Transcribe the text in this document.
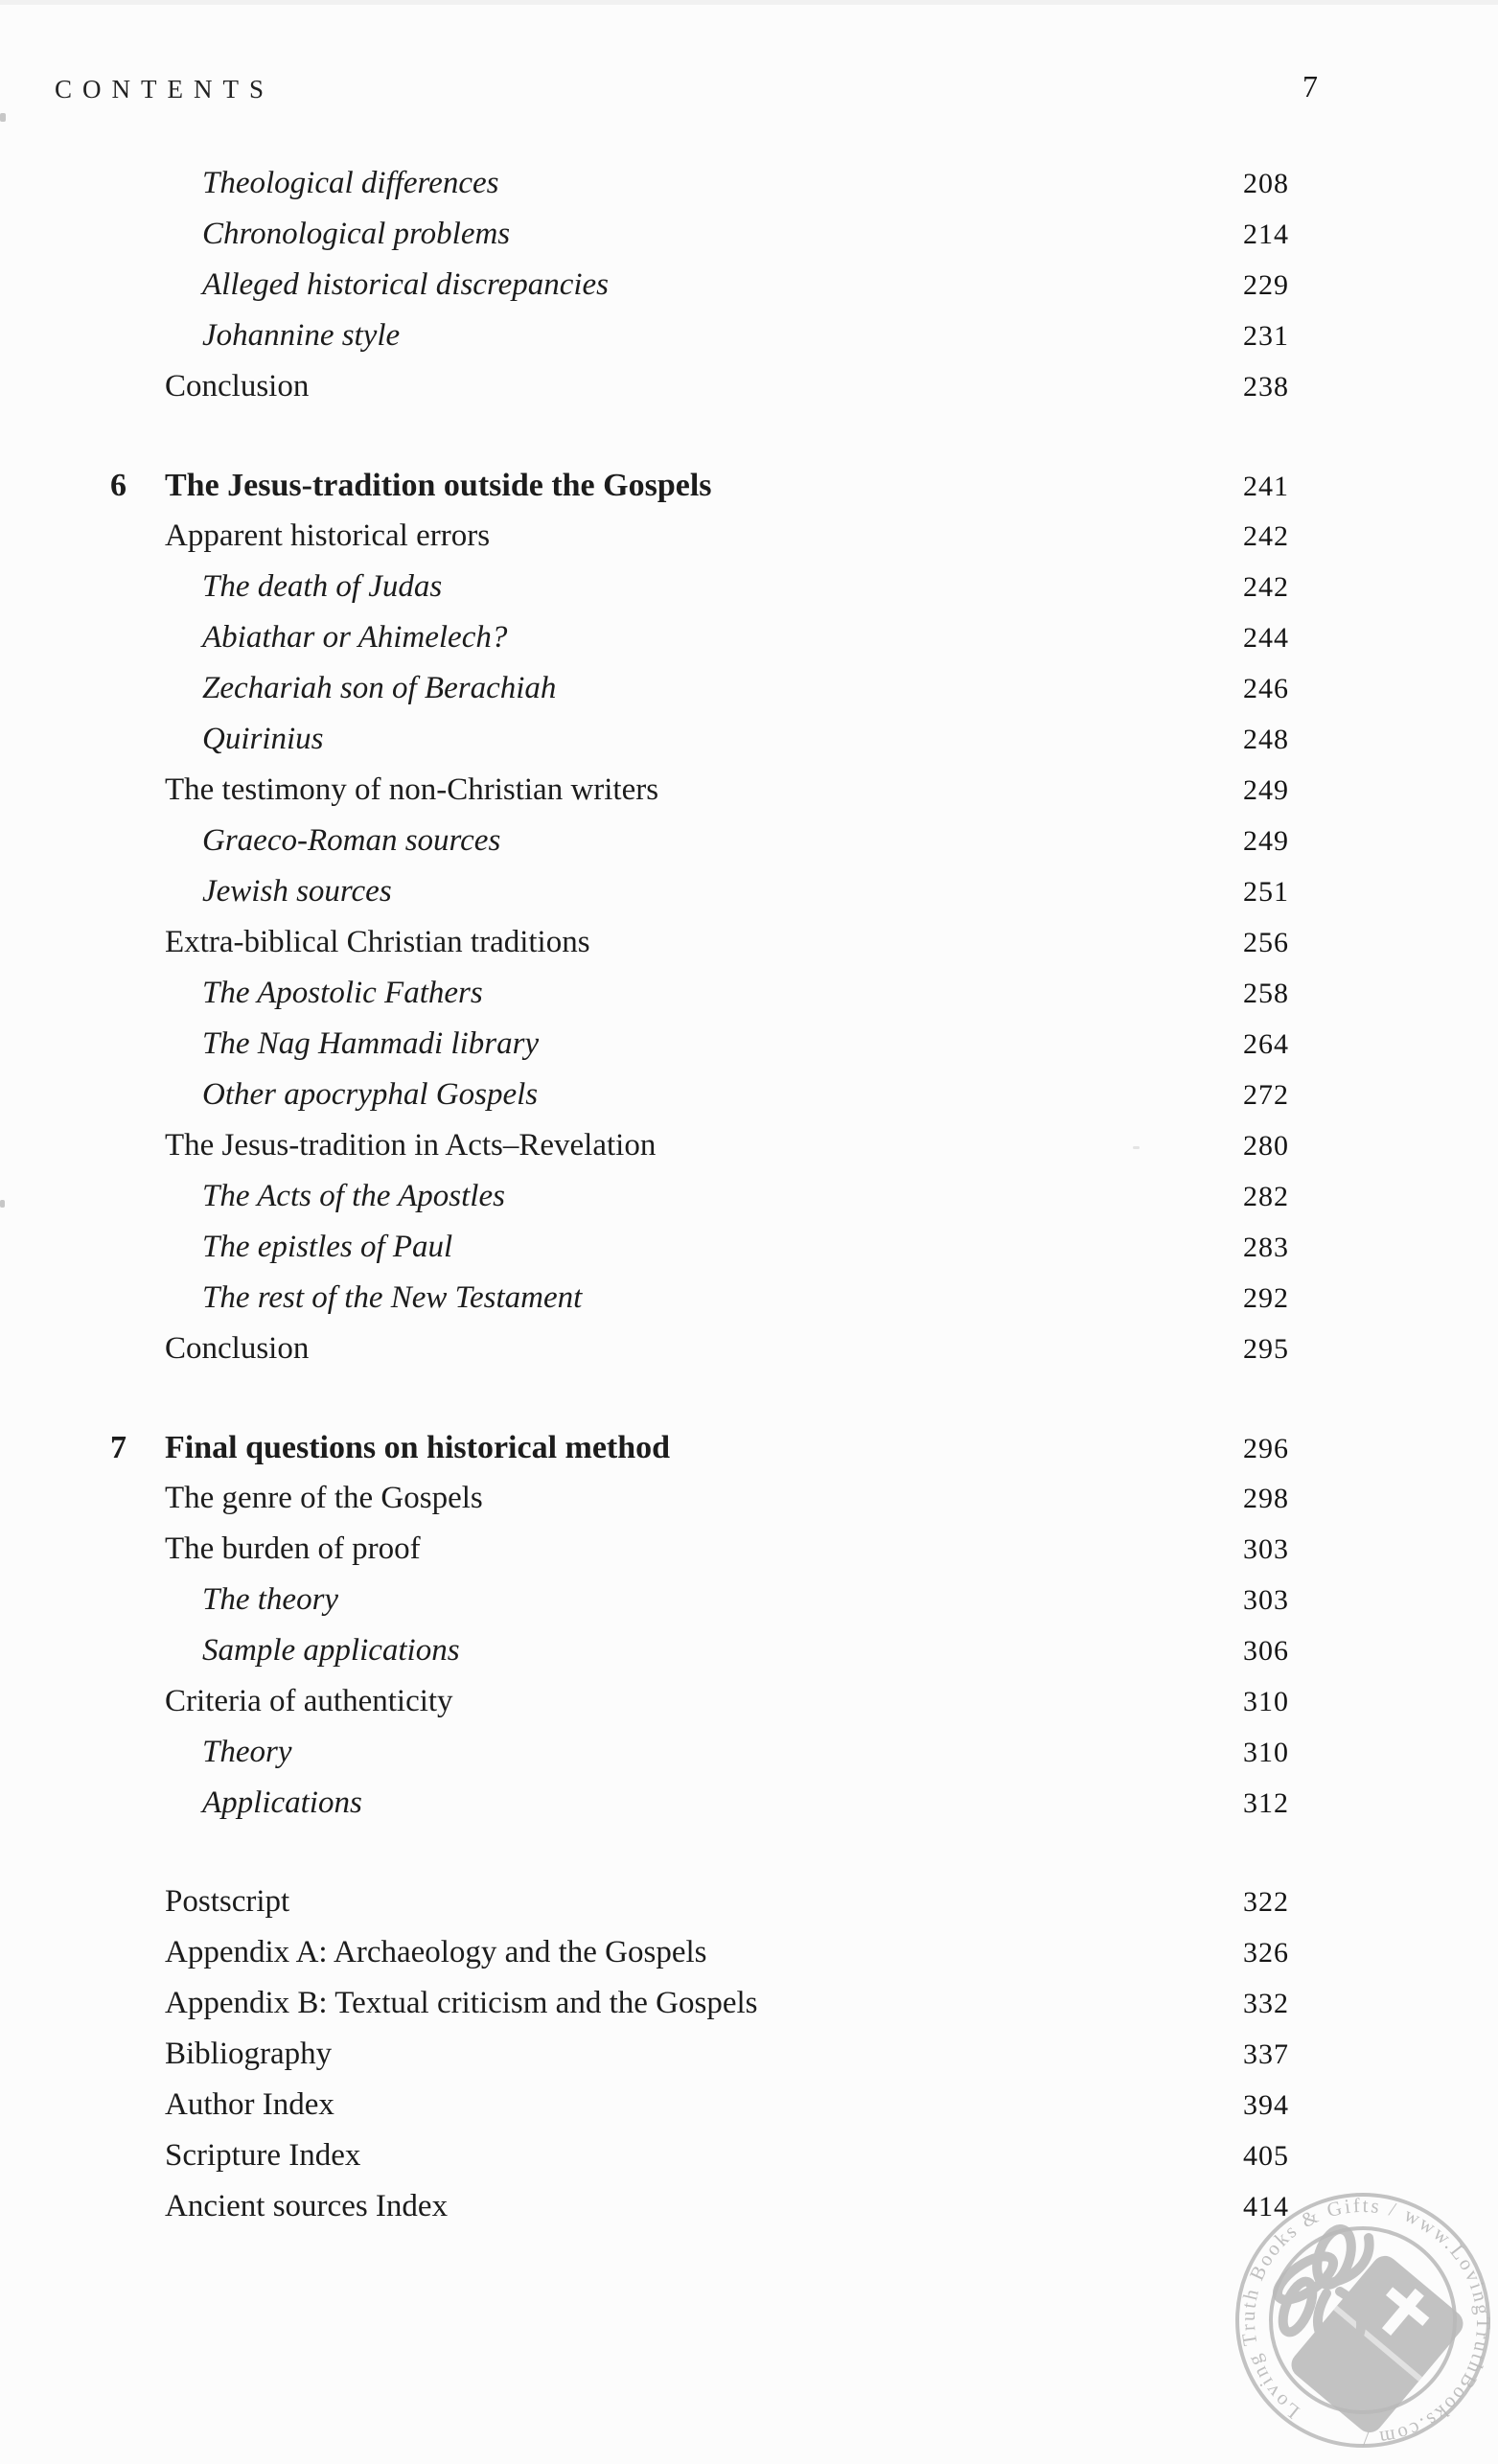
CONTENTS	7
Theological differences	208
Chronological problems	214
Alleged historical discrepancies	229
Johannine style	231
Conclusion	238
6	The Jesus-tradition outside the Gospels	241
Apparent historical errors	242
The death of Judas	242
Abiathar or Ahimelech?	244
Zechariah son of Berachiah	246
Quirinius	248
The testimony of non-Christian writers	249
Graeco-Roman sources	249
Jewish sources	251
Extra-biblical Christian traditions	256
The Apostolic Fathers	258
The Nag Hammadi library	264
Other apocryphal Gospels	272
The Jesus-tradition in Acts–Revelation	280
The Acts of the Apostles	282
The epistles of Paul	283
The rest of the New Testament	292
Conclusion	295
7	Final questions on historical method	296
The genre of the Gospels	298
The burden of proof	303
The theory	303
Sample applications	306
Criteria of authenticity	310
Theory	310
Applications	312
Postscript	322
Appendix A: Archaeology and the Gospels	326
Appendix B: Textual criticism and the Gospels	332
Bibliography	337
Author Index	394
Scripture Index	405
Ancient sources Index	414
Loving Truth Books & Gifts / www.LovingTruthBooks.com /
